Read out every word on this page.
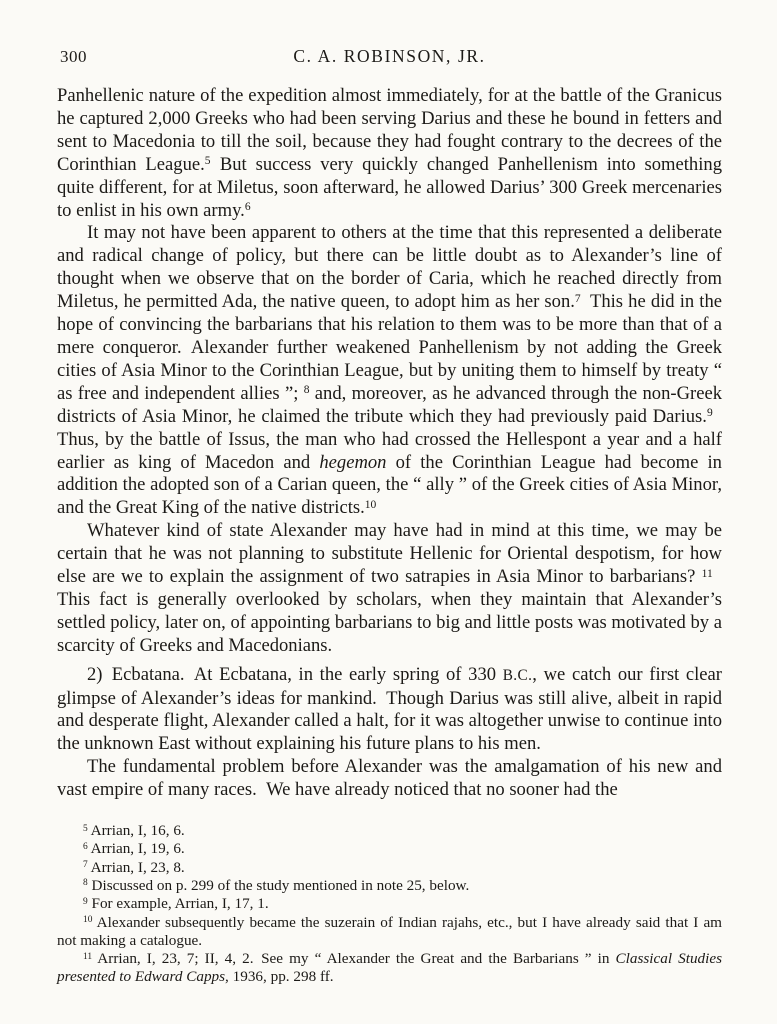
300	C. A. ROBINSON, JR.

Panhellenic nature of the expedition almost immediately, for at the battle of the Granicus he captured 2,000 Greeks who had been serving Darius and these he bound in fetters and sent to Macedonia to till the soil, because they had fought contrary to the decrees of the Corinthian League.$^5$ But success very quickly changed Panhellenism into something quite different, for at Miletus, soon afterward, he allowed Darius’ 300 Greek mercenaries to enlist in his own army.$^6$

It may not have been apparent to others at the time that this represented a deliberate and radical change of policy, but there can be little doubt as to Alexander’s line of thought when we observe that on the border of Caria, which he reached directly from Miletus, he permitted Ada, the native queen, to adopt him as her son.$^7$ This he did in the hope of convincing the barbarians that his relation to them was to be more than that of a mere conqueror. Alexander further weakened Panhellenism by not adding the Greek cities of Asia Minor to the Corinthian League, but by uniting them to himself by treaty “ as free and independent allies ”; $^8$ and, moreover, as he advanced through the non-Greek districts of Asia Minor, he claimed the tribute which they had previously paid Darius.$^9$ Thus, by the battle of Issus, the man who had crossed the Hellespont a year and a half earlier as king of Macedon and hegemon of the Corinthian League had become in addition the adopted son of a Carian queen, the “ ally ” of the Greek cities of Asia Minor, and the Great King of the native districts.$^{10}$

Whatever kind of state Alexander may have had in mind at this time, we may be certain that he was not planning to substitute Hellenic for Oriental despotism, for how else are we to explain the assignment of two satrapies in Asia Minor to barbarians? $^{11}$ This fact is generally overlooked by scholars, when they maintain that Alexander’s settled policy, later on, of appointing barbarians to big and little posts was motivated by a scarcity of Greeks and Macedonians.

2) Ecbatana. At Ecbatana, in the early spring of 330 B.C., we catch our first clear glimpse of Alexander’s ideas for mankind. Though Darius was still alive, albeit in rapid and desperate flight, Alexander called a halt, for it was altogether unwise to continue into the unknown East without explaining his future plans to his men.

The fundamental problem before Alexander was the amalgamation of his new and vast empire of many races. We have already noticed that no sooner had the

$^5$ Arrian, I, 16, 6.

$^6$ Arrian, I, 19, 6.

$^7$ Arrian, I, 23, 8.

$^8$ Discussed on p. 299 of the study mentioned in note 25, below.

$^9$ For example, Arrian, I, 17, 1.

$^{10}$ Alexander subsequently became the suzerain of Indian rajahs, etc., but I have already said that I am not making a catalogue.

$^{11}$ Arrian, I, 23, 7; II, 4, 2. See my “ Alexander the Great and the Barbarians ” in Classical Studies presented to Edward Capps, 1936, pp. 298 ff.
